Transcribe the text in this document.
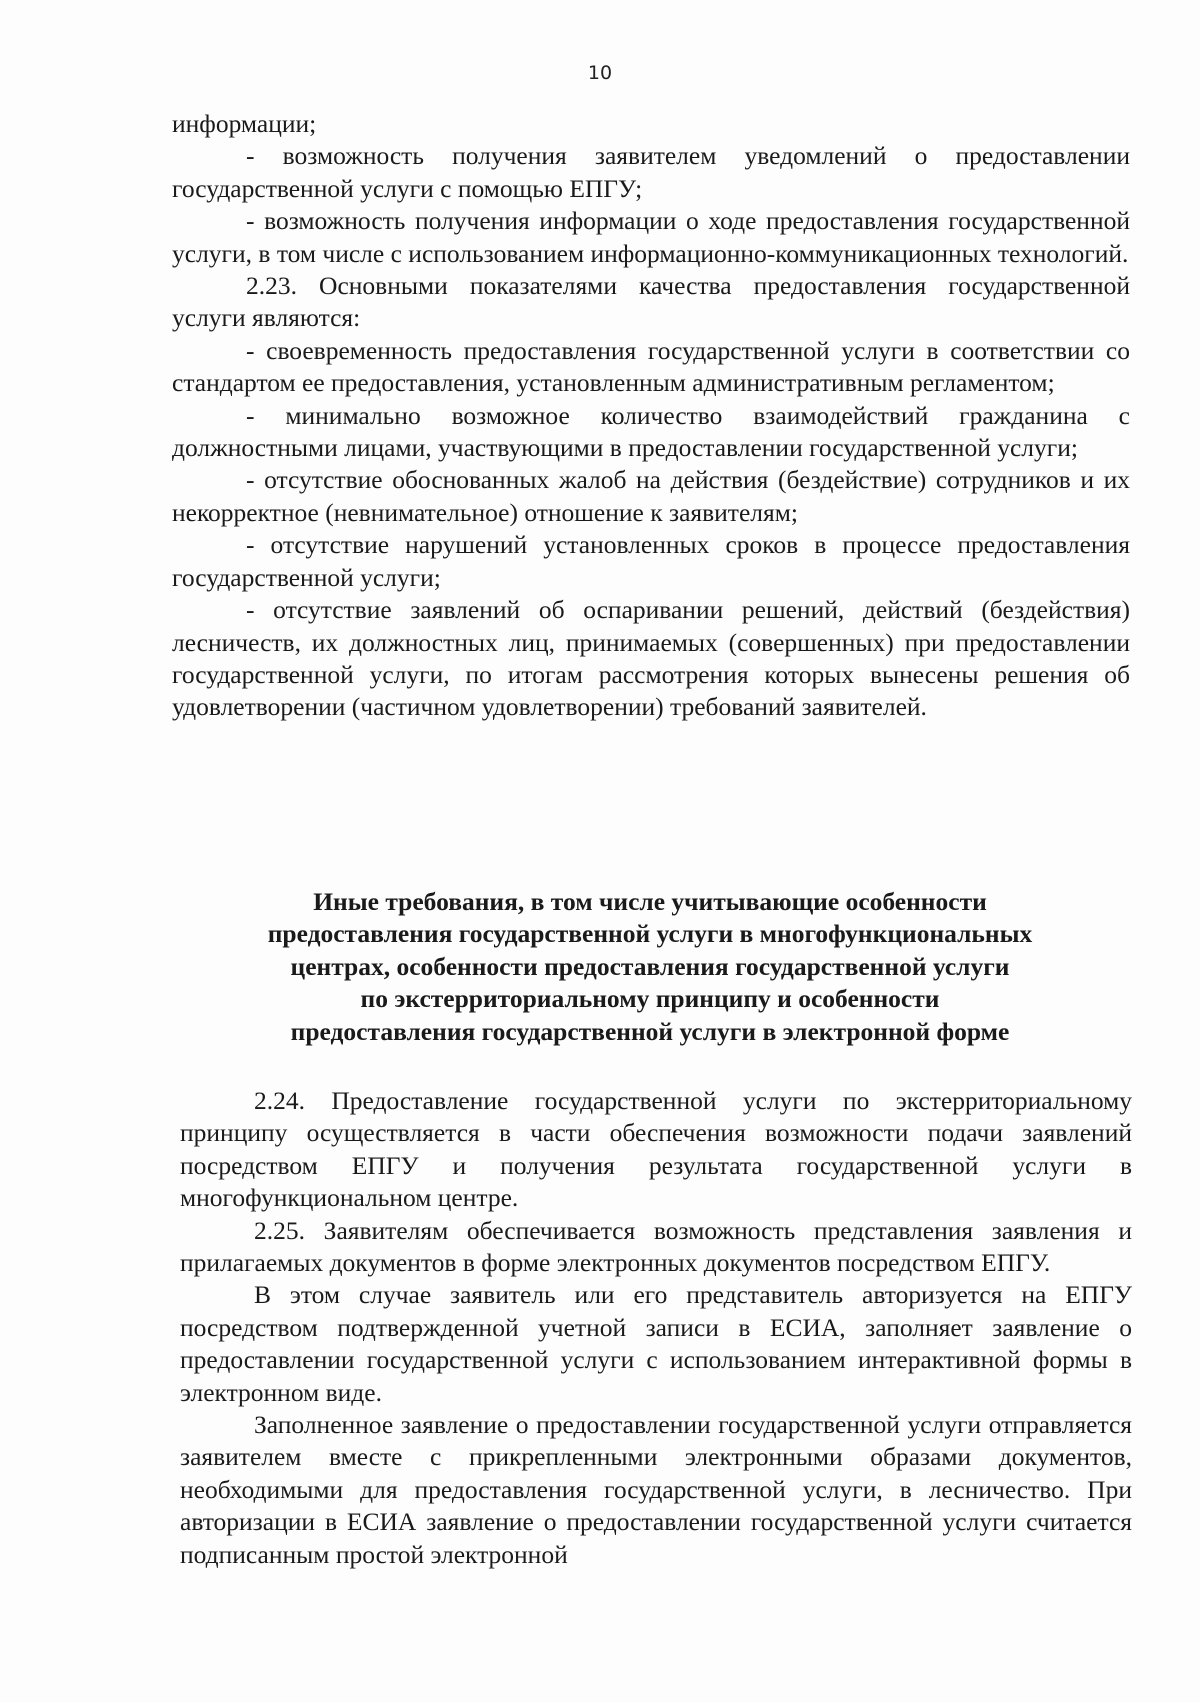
10

информации;

- возможность получения заявителем уведомлений о предоставлении государственной услуги с помощью ЕПГУ;

- возможность получения информации о ходе предоставления государственной услуги, в том числе с использованием информационно-коммуникационных технологий.

2.23. Основными показателями качества предоставления государственной услуги являются:

- своевременность предоставления государственной услуги в соответствии со стандартом ее предоставления, установленным административным регламентом;

- минимально возможное количество взаимодействий гражданина с должностными лицами, участвующими в предоставлении государственной услуги;

- отсутствие обоснованных жалоб на действия (бездействие) сотрудников и их некорректное (невнимательное) отношение к заявителям;

- отсутствие нарушений установленных сроков в процессе предоставления государственной услуги;

- отсутствие заявлений об оспаривании решений, действий (бездействия) лесничеств, их должностных лиц, принимаемых (совершенных) при предоставлении государственной услуги, по итогам рассмотрения которых вынесены решения об удовлетворении (частичном удовлетворении) требований заявителей.

Иные требования, в том числе учитывающие особенности
предоставления государственной услуги в многофункциональных
центрах, особенности предоставления государственной услуги
по экстерриториальному принципу и особенности
предоставления государственной услуги в электронной форме

2.24. Предоставление государственной услуги по экстерриториальному принципу осуществляется в части обеспечения возможности подачи заявлений посредством ЕПГУ и получения результата государственной услуги в многофункциональном центре.

2.25. Заявителям обеспечивается возможность представления заявления и прилагаемых документов в форме электронных документов посредством ЕПГУ.

В этом случае заявитель или его представитель авторизуется на ЕПГУ посредством подтвержденной учетной записи в ЕСИА, заполняет заявление о предоставлении государственной услуги с использованием интерактивной формы в электронном виде.

Заполненное заявление о предоставлении государственной услуги отправляется заявителем вместе с прикрепленными электронными образами документов, необходимыми для предоставления государственной услуги, в лесничество. При авторизации в ЕСИА заявление о предоставлении государственной услуги считается подписанным простой электронной
